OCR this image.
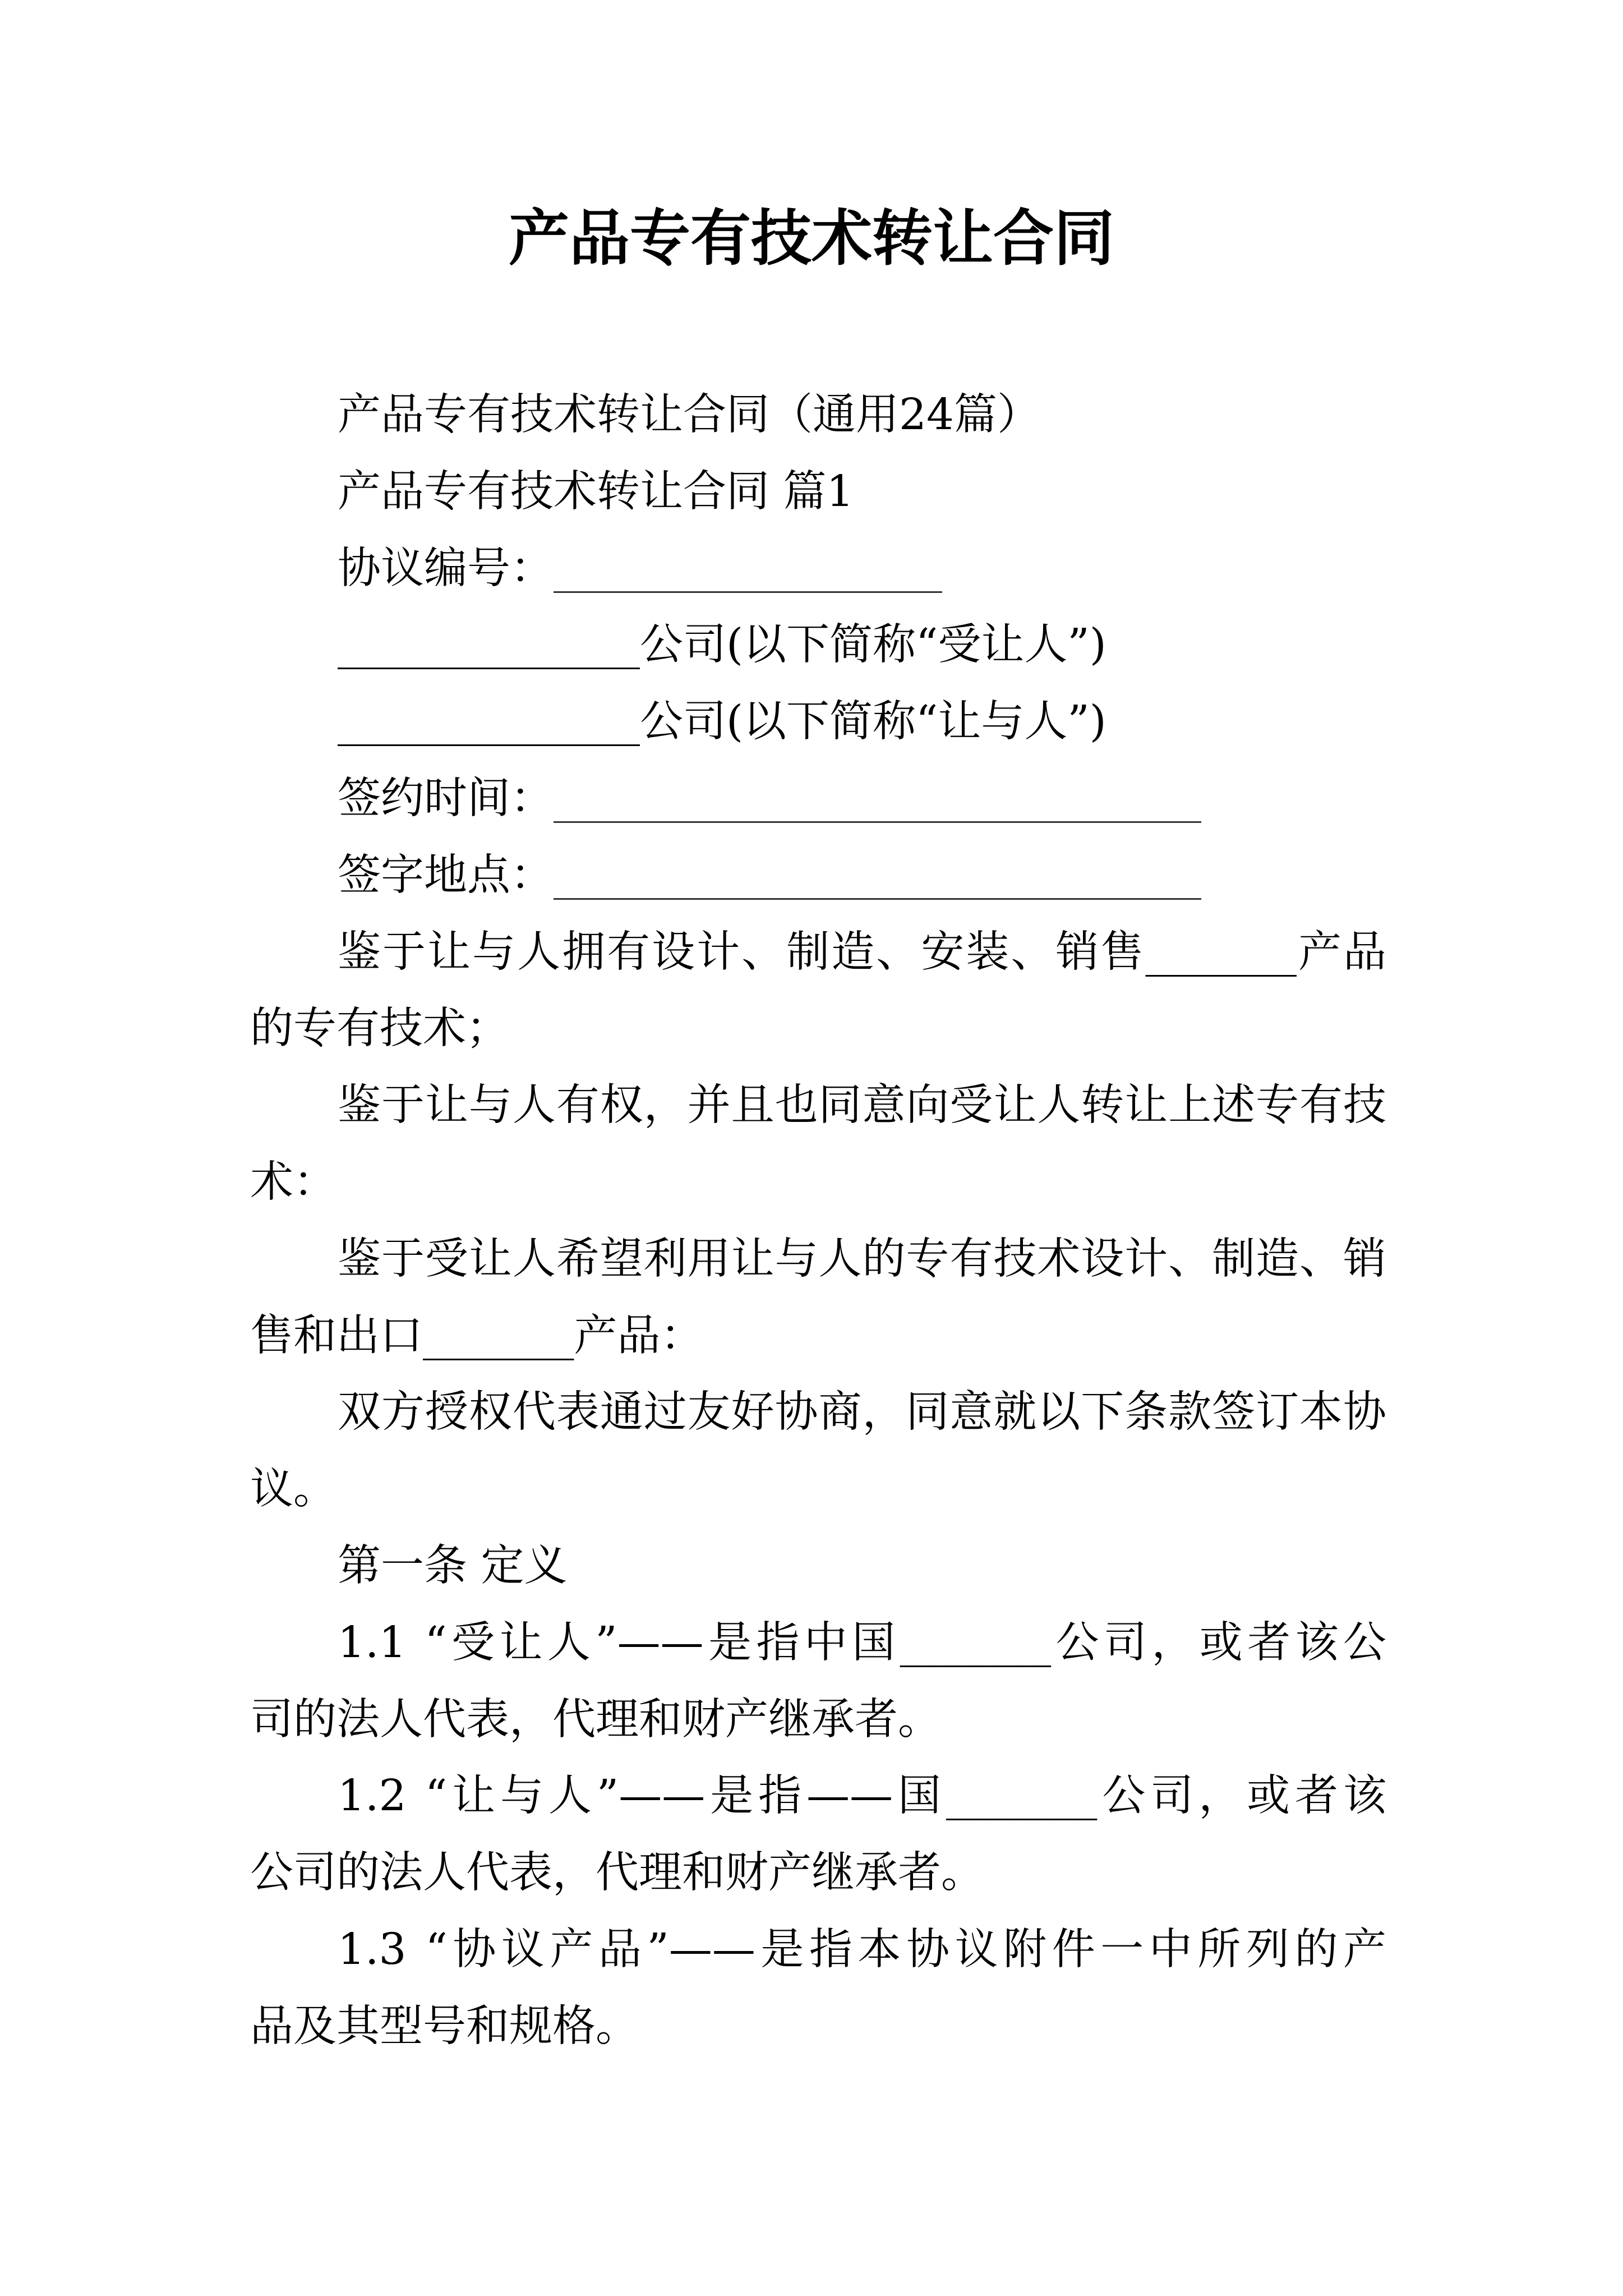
产品专有技术转让合同
产品专有技术转让合同（通用24篇）
产品专有技术转让合同 篇1
协议编号：__________________
______________公司(以下简称“受让人”)
______________公司(以下简称“让与人”)
签约时间：______________________________
签字地点：______________________________
鉴于让与人拥有设计、制造、安装、销售_______产品
的专有技术；
鉴于让与人有权，并且也同意向受让人转让上述专有技
术：
鉴于受让人希望利用让与人的专有技术设计、制造、销
售和出口_______产品：
双方授权代表通过友好协商，同意就以下条款签订本协
议。
第一条 定义
1.1 “受让人”——是指中国_______公司，或者该公
司的法人代表，代理和财产继承者。
1.2 “让与人”——是指——国_______公司，或者该
公司的法人代表，代理和财产继承者。
1.3 “协议产品”——是指本协议附件一中所列的产
品及其型号和规格。
